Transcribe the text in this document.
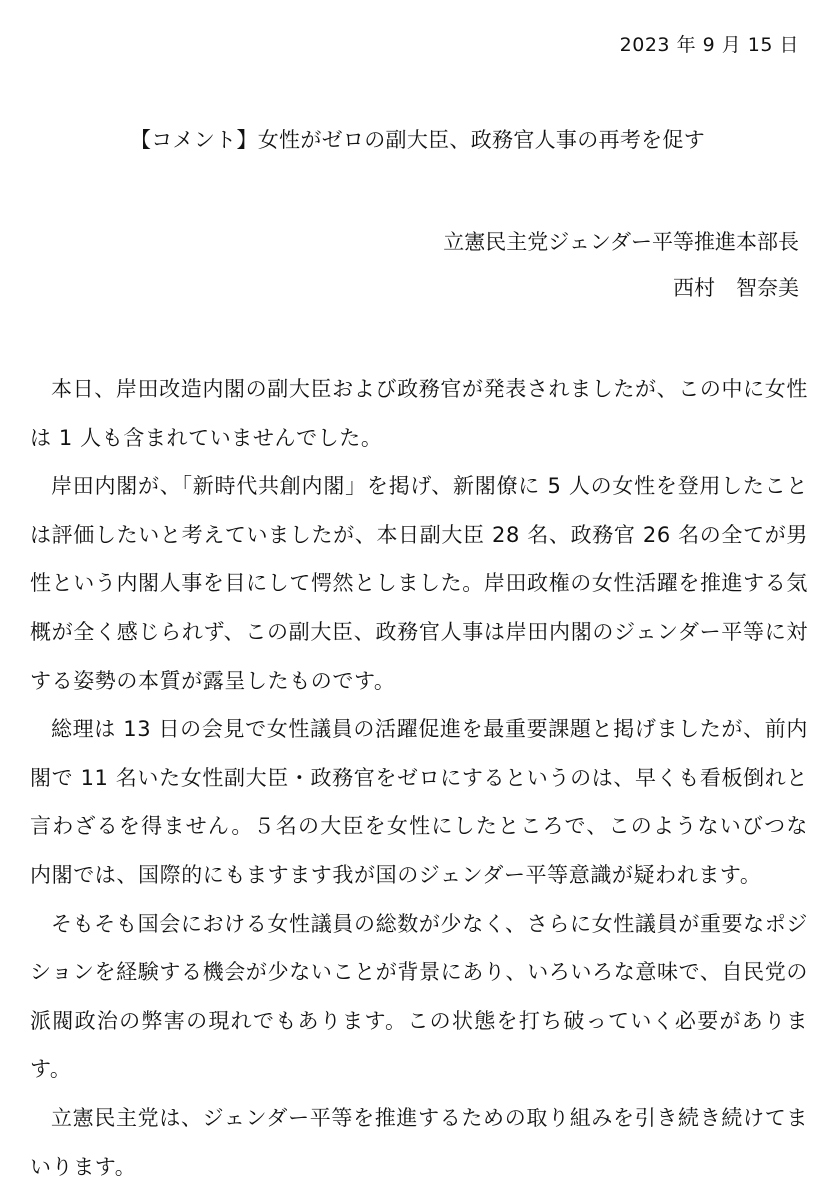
2023 年 9 月 15 日
【コメント】女性がゼロの副大臣、政務官人事の再考を促す
立憲民主党ジェンダー平等推進本部長
西村　智奈美

本日、岸田改造内閣の副大臣および政務官が発表されましたが、この中に女性は 1 人も含まれていませんでした。

岸田内閣が、「新時代共創内閣」を掲げ、新閣僚に 5 人の女性を登用したことは評価したいと考えていましたが、本日副大臣 28 名、政務官 26 名の全てが男性という内閣人事を目にして愕然としました。岸田政権の女性活躍を推進する気概が全く感じられず、この副大臣、政務官人事は岸田内閣のジェンダー平等に対する姿勢の本質が露呈したものです。

総理は 13 日の会見で女性議員の活躍促進を最重要課題と掲げましたが、前内閣で 11 名いた女性副大臣・政務官をゼロにするというのは、早くも看板倒れと言わざるを得ません。５名の大臣を女性にしたところで、このようないびつな内閣では、国際的にもますます我が国のジェンダー平等意識が疑われます。

そもそも国会における女性議員の総数が少なく、さらに女性議員が重要なポジションを経験する機会が少ないことが背景にあり、いろいろな意味で、自民党の派閥政治の弊害の現れでもあります。この状態を打ち破っていく必要があります。

立憲民主党は、ジェンダー平等を推進するための取り組みを引き続き続けてまいります。
